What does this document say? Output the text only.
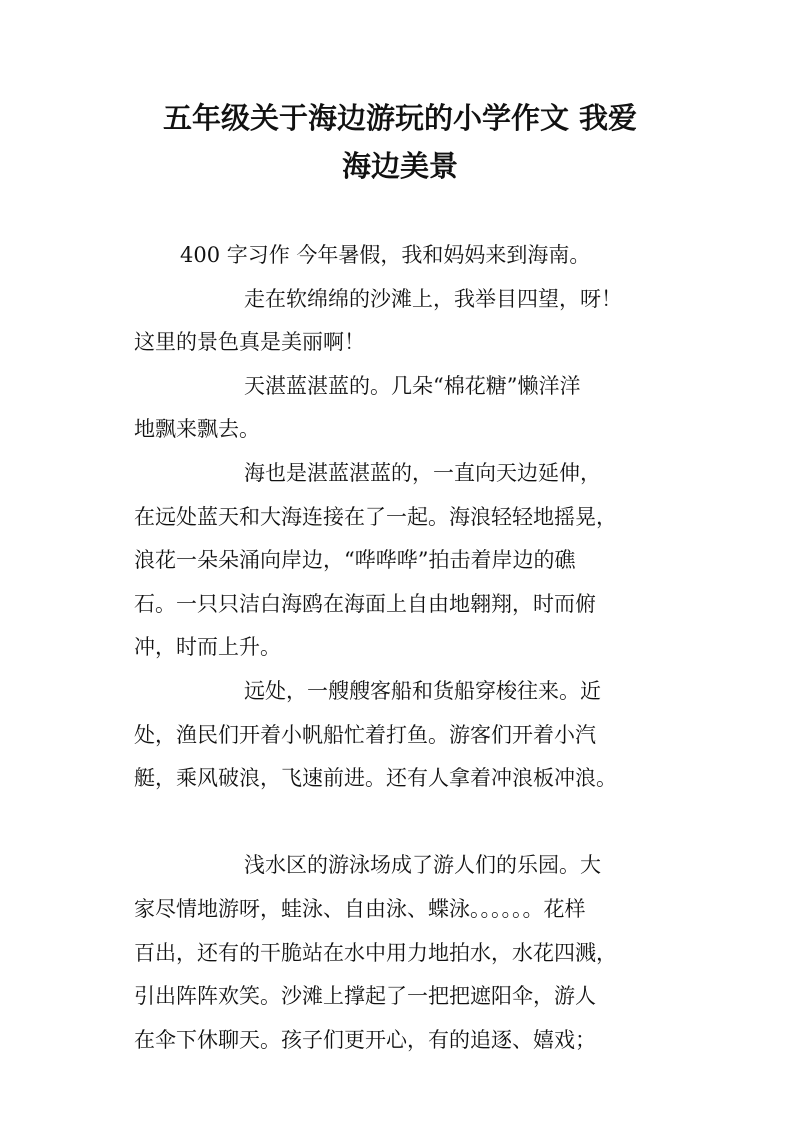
五年级关于海边游玩的小学作文 我爱
海边美景
400 字习作 今年暑假，我和妈妈来到海南。
走在软绵绵的沙滩上，我举目四望，呀！
这里的景色真是美丽啊！
天湛蓝湛蓝的。几朵“棉花糖”懒洋洋
地飘来飘去。
海也是湛蓝湛蓝的，一直向天边延伸，
在远处蓝天和大海连接在了一起。海浪轻轻地摇晃，
浪花一朵朵涌向岸边，“哗哗哗”拍击着岸边的礁
石。一只只洁白海鸥在海面上自由地翱翔，时而俯
冲，时而上升。
远处，一艘艘客船和货船穿梭往来。近
处，渔民们开着小帆船忙着打鱼。游客们开着小汽
艇，乘风破浪，飞速前进。还有人拿着冲浪板冲浪。
浅水区的游泳场成了游人们的乐园。大
家尽情地游呀，蛙泳、自由泳、蝶泳。。。。。。花样
百出，还有的干脆站在水中用力地拍水，水花四溅，
引出阵阵欢笑。沙滩上撑起了一把把遮阳伞，游人
在伞下休聊天。孩子们更开心，有的追逐、嬉戏；
